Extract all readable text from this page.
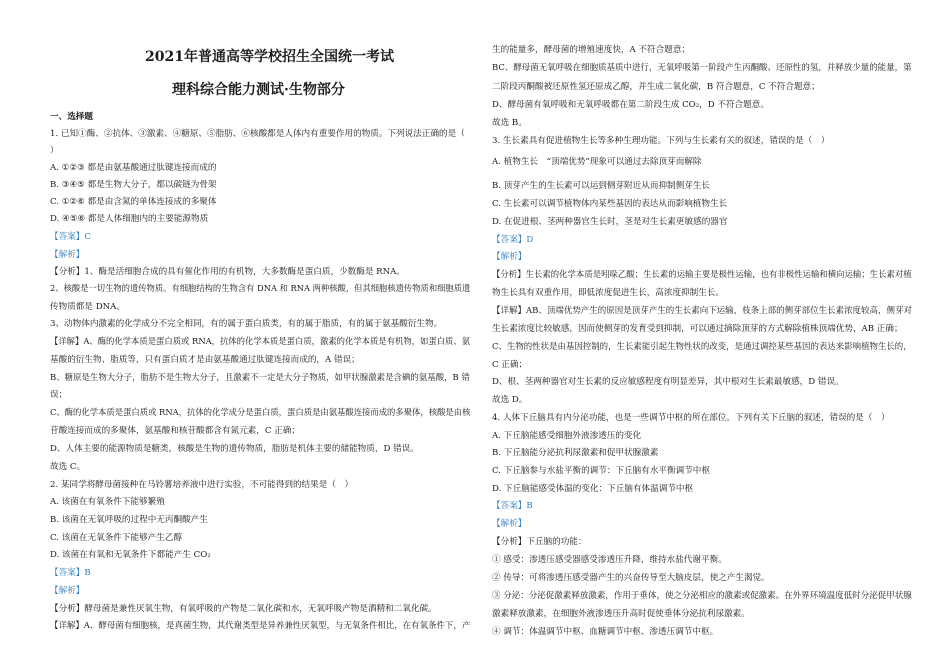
2021年普通高等学校招生全国统一考试
理科综合能力测试·生物部分

一、选择题

1. 已知①酶、②抗体、③激素、④糖原、⑤脂肪、⑥核酸都是人体内有重要作用的物质。下列说法正确的是（

）

A. ①②③ 都是由氨基酸通过肽键连接而成的

B. ③④⑤ 都是生物大分子，都以碳链为骨架

C. ①②⑥ 都是由含氮的单体连接成的多聚体

D. ④⑤⑥ 都是人体细胞内的主要能源物质

【答案】C

【解析】

【分析】1、酶是活细胞合成的具有催化作用的有机物，大多数酶是蛋白质，少数酶是 RNA。

2、核酸是一切生物的遗传物质。有细胞结构的生物含有 DNA 和 RNA 两种核酸，但其细胞核遗传物质和细胞质遗

传物质都是 DNA。

3、动物体内激素的化学成分不完全相同，有的属于蛋白质类，有的属于脂质，有的属于氨基酸衍生物。

【详解】A、酶的化学本质是蛋白质或 RNA，抗体的化学本质是蛋白质，激素的化学本质是有机物，如蛋白质、氨

基酸的衍生物、脂质等，只有蛋白质才是由氨基酸通过肽键连接而成的，A 错误；

B、糖原是生物大分子，脂肪不是生物大分子，且激素不一定是大分子物质，如甲状腺激素是含碘的氨基酸，B 错

误；

C、酶的化学本质是蛋白质或 RNA，抗体的化学成分是蛋白质，蛋白质是由氨基酸连接而成的多聚体，核酸是由核

苷酸连接而成的多聚体，氨基酸和核苷酸都含有氮元素，C 正确；

D、人体主要的能源物质是糖类，核酸是生物的遗传物质，脂肪是机体主要的储能物质，D 错误。

故选 C。

2. 某同学将酵母菌接种在马铃薯培养液中进行实验，不可能得到的结果是（　）

A. 该菌在有氧条件下能够繁殖

B. 该菌在无氧呼吸的过程中无丙酮酸产生

C. 该菌在无氧条件下能够产生乙醇

D. 该菌在有氧和无氧条件下都能产生 CO₂

【答案】B

【解析】

【分析】酵母菌是兼性厌氧生物，有氧呼吸的产物是二氧化碳和水，无氧呼吸产物是酒精和二氧化碳。

【详解】A、酵母菌有细胞核，是真菌生物，其代谢类型是异养兼性厌氧型，与无氧条件相比，在有氧条件下，产

生的能量多，酵母菌的增殖速度快，A 不符合题意；

BC、酵母菌无氧呼吸在细胞质基质中进行，无氧呼吸第一阶段产生丙酮酸、还原性的氢，并释放少量的能量，第

二阶段丙酮酸被还原性氢还原成乙醇，并生成二氧化碳，B 符合题意，C 不符合题意；

D、酵母菌有氧呼吸和无氧呼吸都在第二阶段生成 CO₂，D 不符合题意。

故选 B。

3. 生长素具有促进植物生长等多种生理功能。下列与生长素有关的叙述，错误的是（　）

A. 植物生长　“顶端优势”现象可以通过去除顶芽而解除

B. 顶芽产生的生长素可以运到侧芽附近从而抑制侧芽生长

C. 生长素可以调节植物体内某些基因的表达从而影响植物生长

D. 在促进根、茎两种器官生长时，茎是对生长素更敏感的器官

【答案】D

【解析】

【分析】生长素的化学本质是吲哚乙酸；生长素的运输主要是极性运输，也有非极性运输和横向运输；生长素对植

物生长具有双重作用，即低浓度促进生长，高浓度抑制生长。

【详解】AB、顶端优势产生的原因是顶芽产生的生长素向下运输，枝条上部的侧芽部位生长素浓度较高，侧芽对

生长素浓度比较敏感，因而使侧芽的发育受到抑制，可以通过摘除顶芽的方式解除植株顶端优势，AB 正确；

C、生物的性状是由基因控制的，生长素能引起生物性状的改变，是通过调控某些基因的表达来影响植物生长的，

C 正确；

D、根、茎两种器官对生长素的反应敏感程度有明显差异，其中根对生长素最敏感，D 错误。

故选 D。

4. 人体下丘脑具有内分泌功能，也是一些调节中枢的所在部位。下列有关下丘脑的叙述，错误的是（　）

A. 下丘脑能感受细胞外液渗透压的变化

B. 下丘脑能分泌抗利尿激素和促甲状腺激素

C. 下丘脑参与水盐平衡的调节：下丘脑有水平衡调节中枢

D. 下丘脑能感受体温的变化：下丘脑有体温调节中枢

【答案】B

【解析】

【分析】下丘脑的功能：

① 感受：渗透压感受器感受渗透压升降，维持水盐代谢平衡。

② 传导：可将渗透压感受器产生的兴奋传导至大脑皮层，使之产生渴觉。

③ 分泌：分泌促激素释放激素，作用于垂体，使之分泌相应的激素或促激素。在外界环境温度低时分泌促甲状腺

激素释放激素，在细胞外液渗透压升高时促使垂体分泌抗利尿激素。

④ 调节：体温调节中枢、血糖调节中枢、渗透压调节中枢。
